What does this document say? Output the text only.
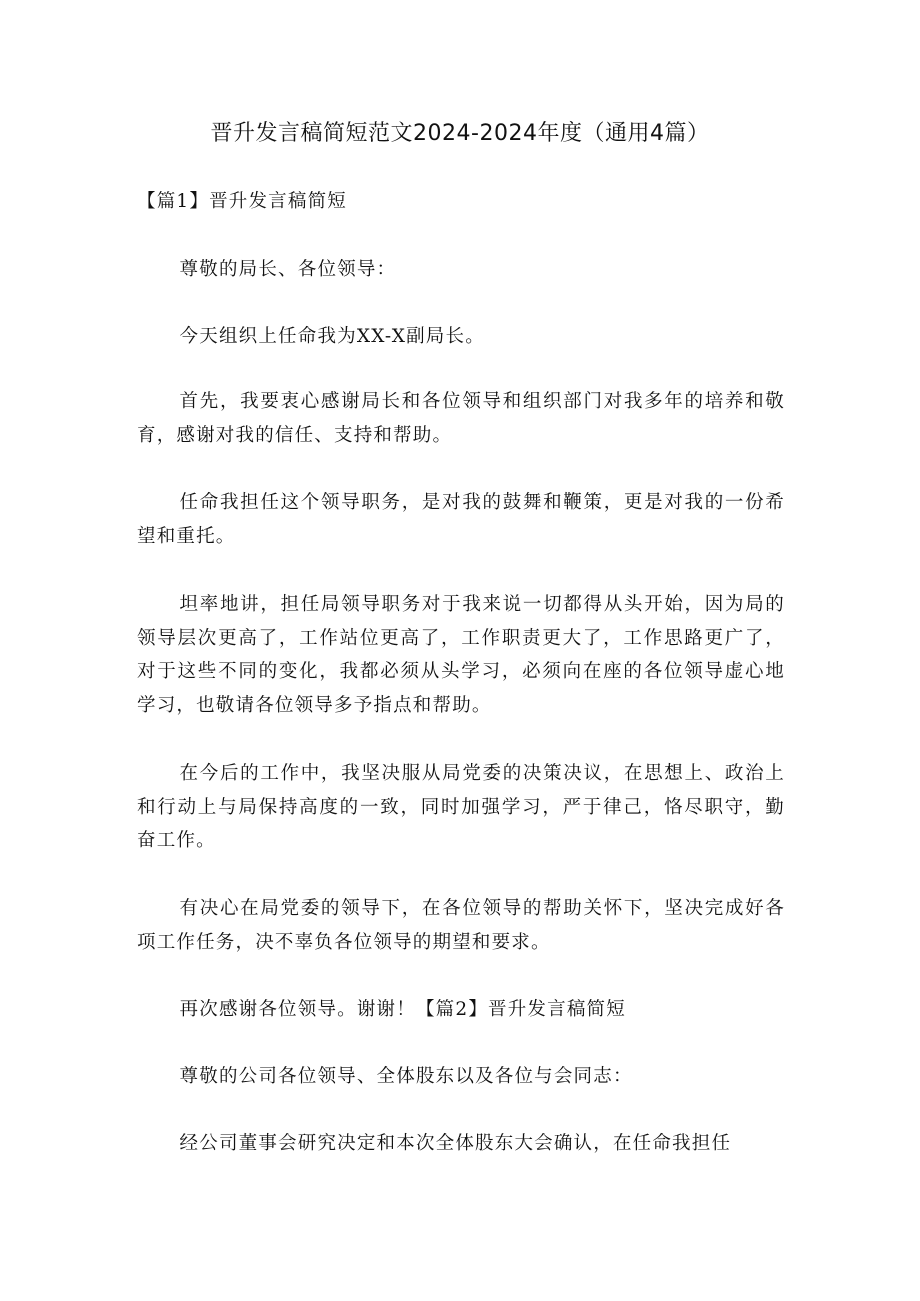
晋升发言稿简短范文2024-2024年度（通用4篇）

【篇1】晋升发言稿简短

尊敬的局长、各位领导：

今天组织上任命我为XX-X副局长。

首先，我要衷心感谢局长和各位领导和组织部门对我多年的培养和敬育，感谢对我的信任、支持和帮助。

任命我担任这个领导职务，是对我的鼓舞和鞭策，更是对我的一份希望和重托。

坦率地讲，担任局领导职务对于我来说一切都得从头开始，因为局的领导层次更高了，工作站位更高了，工作职责更大了，工作思路更广了，对于这些不同的变化，我都必须从头学习，必须向在座的各位领导虚心地学习，也敬请各位领导多予指点和帮助。

在今后的工作中，我坚决服从局党委的决策决议，在思想上、政治上和行动上与局保持高度的一致，同时加强学习，严于律己，恪尽职守，勤奋工作。

有决心在局党委的领导下，在各位领导的帮助关怀下，坚决完成好各项工作任务，决不辜负各位领导的期望和要求。

再次感谢各位领导。谢谢！【篇2】晋升发言稿简短

尊敬的公司各位领导、全体股东以及各位与会同志：

经公司董事会研究决定和本次全体股东大会确认，在任命我担任
